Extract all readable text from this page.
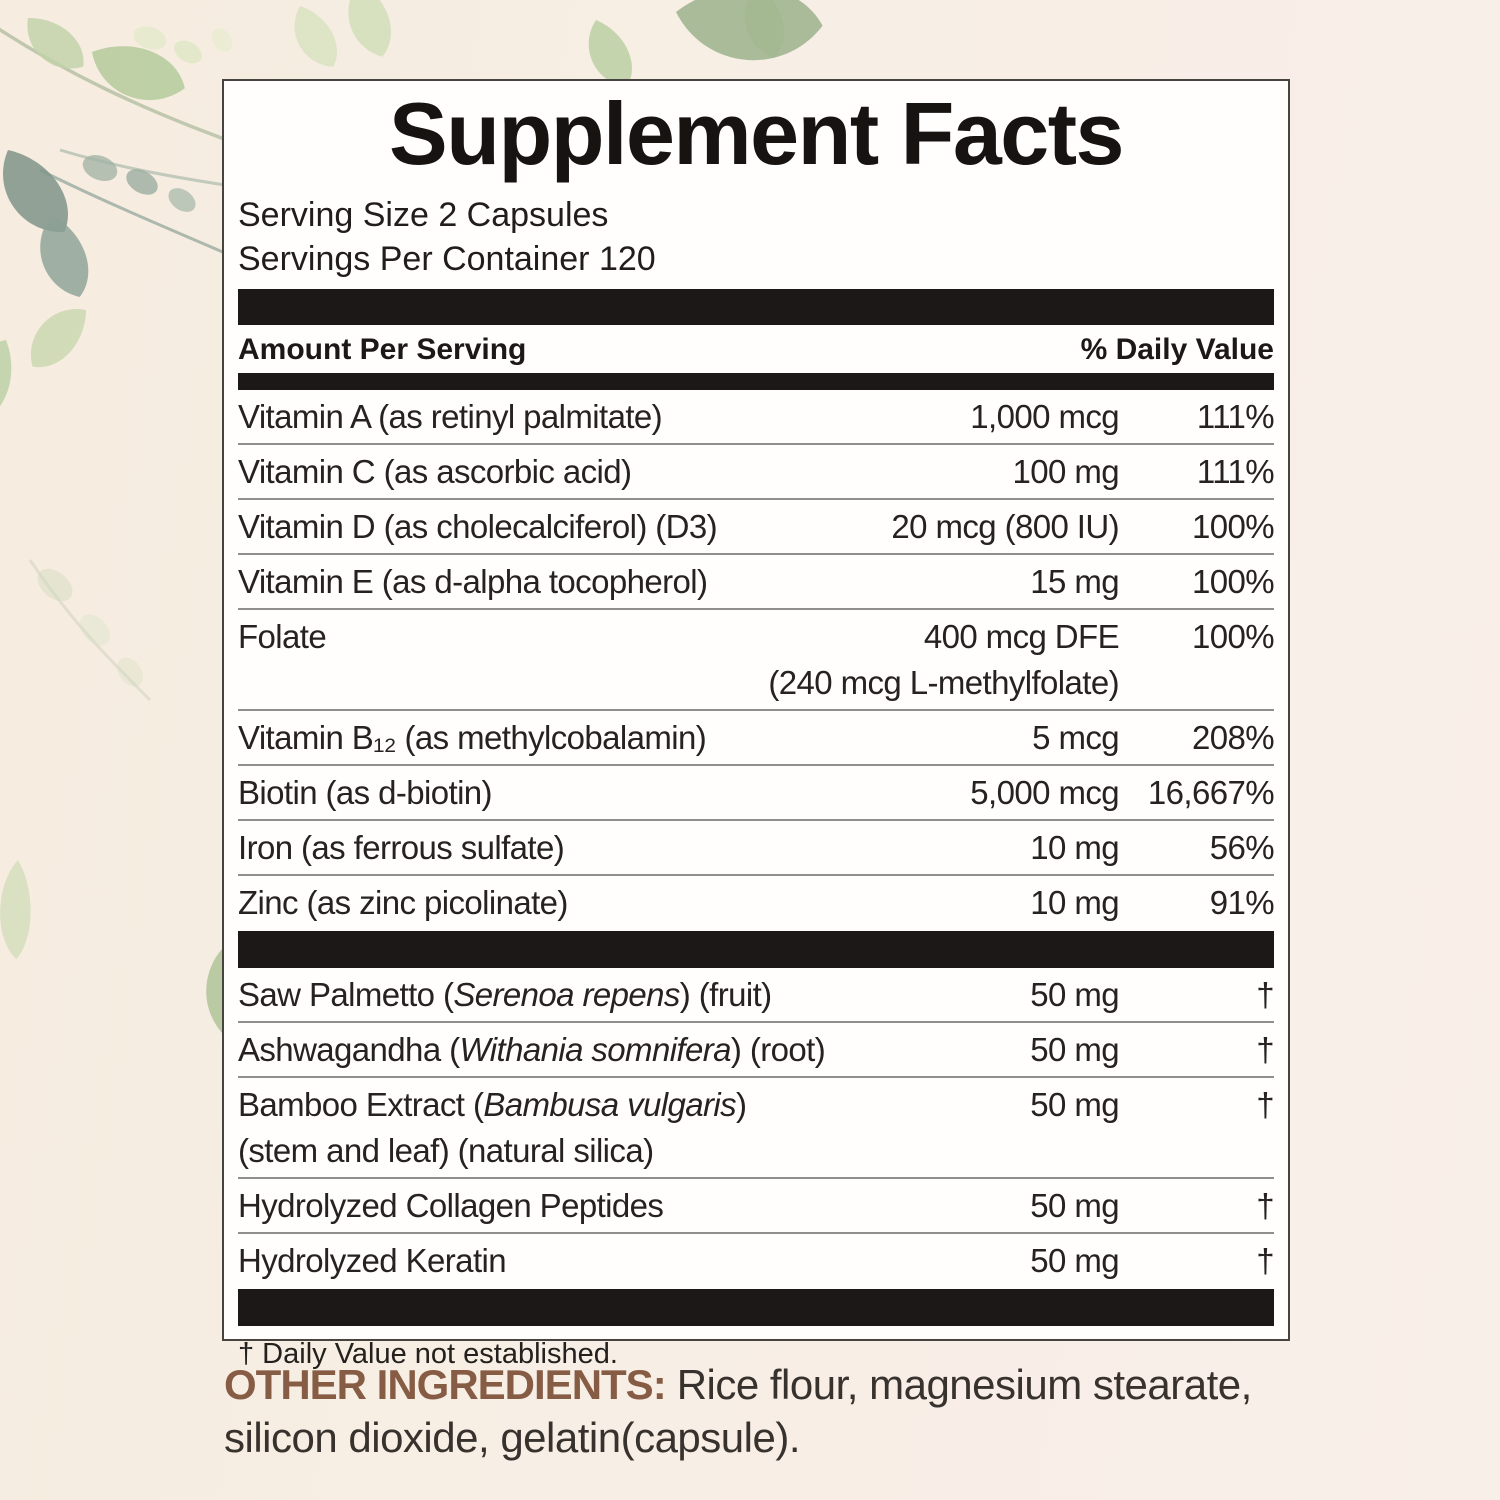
Supplement Facts
Serving Size 2 Capsules
Servings Per Container 120
Amount Per Serving	% Daily Value
Vitamin A (as retinyl palmitate)	1,000 mcg	111%
Vitamin C (as ascorbic acid)	100 mg	111%
Vitamin D (as cholecalciferol) (D3)	20 mcg (800 IU)	100%
Vitamin E (as d-alpha tocopherol)	15 mg	100%
Folate	400 mcg DFE	100%
(240 mcg L-methylfolate)
Vitamin B₁₂ (as methylcobalamin)	5 mcg	208%
Biotin (as d-biotin)	5,000 mcg 16,667%
Iron (as ferrous sulfate)	10 mg	56%
Zinc (as zinc picolinate)	10 mg	91%
Saw Palmetto (Serenoa repens) (fruit)	50 mg	†
Ashwagandha (Withania somnifera) (root)	50 mg	†
Bamboo Extract (Bambusa vulgaris)	50 mg	†
(stem and leaf) (natural silica)
Hydrolyzed Collagen Peptides	50 mg	†
Hydrolyzed Keratin	50 mg	†
† Daily Value not established.

OTHER INGREDIENTS: Rice flour, magnesium stearate, silicon dioxide, gelatin(capsule).
